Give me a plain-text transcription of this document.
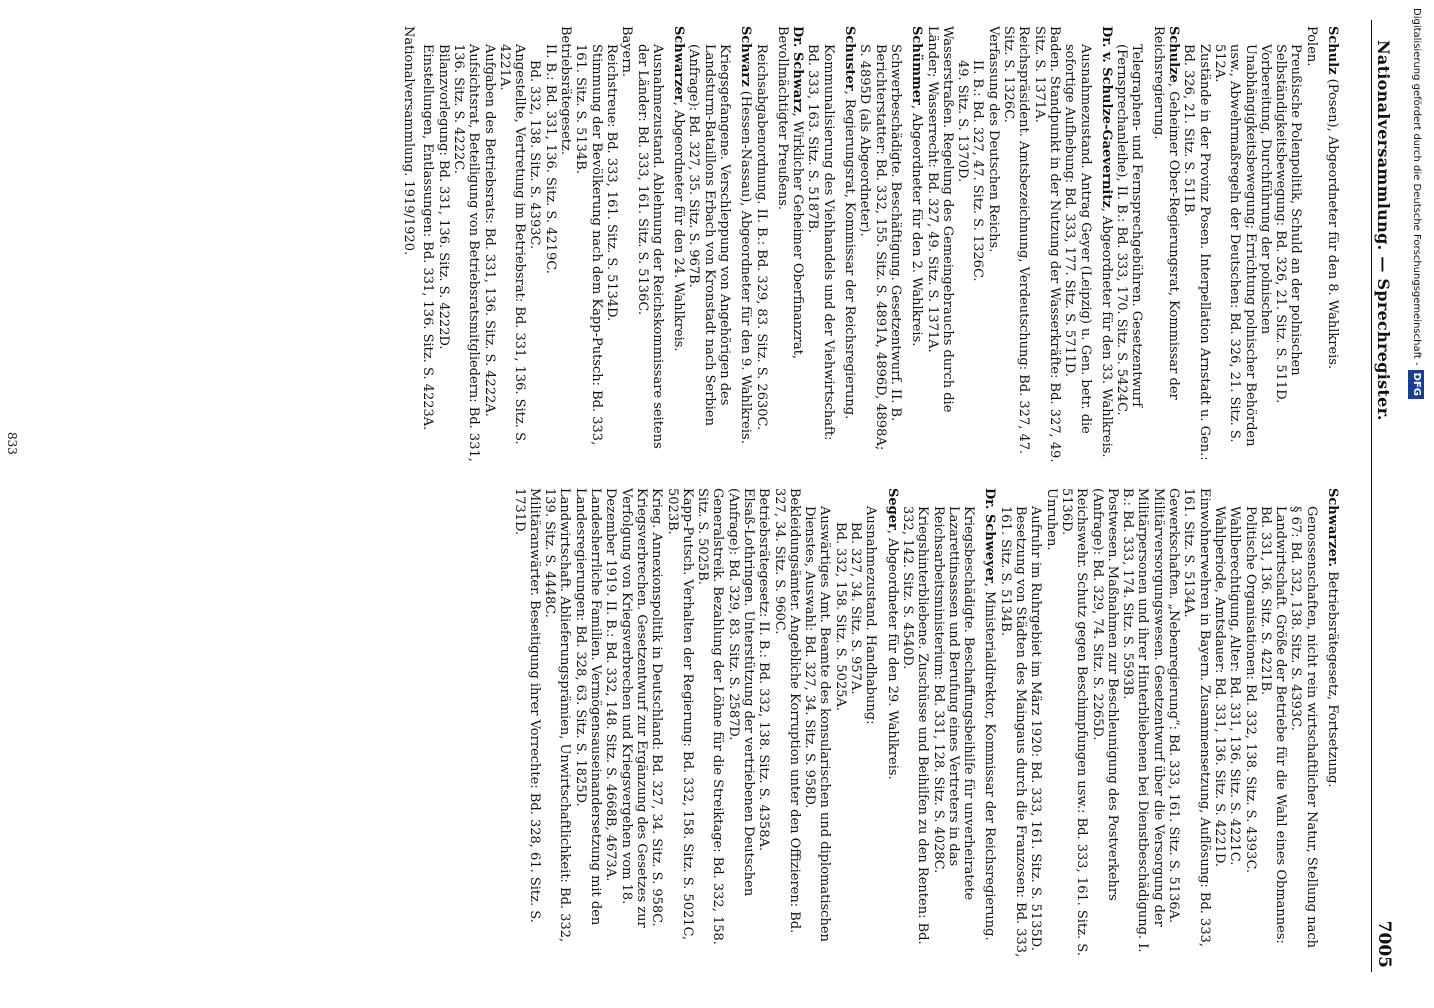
Nationalversammlung. — Sprechregister.
7005
Schulz (Posen), Abgeordneter für den 8. Wahlkreis.
Polen.
Preußische Polenpolitik, Schuld an der polnischen Selbständigkeitsbewegung: Bd. 326, 21. Sitz. S. 511D.
Vorbereitung, Durchführung der polnischen Unabhängigkeitsbewegung; Errichtung polnischer Behörden usw., Abwehrmaßregeln der Deutschen: Bd. 326, 21. Sitz. S. 512A.
Zustände in der Provinz Posen. Interpellation Arnstadt u. Gen.: Bd. 326, 21. Sitz. S. 511B.
Schulze, Geheimer Ober-Regierungsrat, Kommissar der Reichsregierung.
Telegraphen- und Fernsprechgebühren. Gesetzentwurf (Fernsprechanleihe), II. B.: Bd. 333, 170. Sitz. S. 5424C.
Dr. v. Schulze-Gaevernitz, Abgeordneter für den 33. Wahlkreis.
Ausnahmezustand. Antrag Geyer (Leipzig) u. Gen. betr. die sofortige Aufhebung: Bd. 333, 177. Sitz. S. 5711D.
Baden. Standpunkt in der Nutzung der Wasserkräfte: Bd. 327, 49. Sitz. S. 1371A.
Reichspräsident. Amtsbezeichnung, Verdeutschung: Bd. 327, 47. Sitz. S. 1326C.
Verfassung des Deutschen Reichs.
II. B.: Bd. 327, 47. Sitz. S. 1326C.
49. Sitz. S. 1370D.
Wasserstraßen. Regelung des Gemeingebrauchs durch die Länder; Wasserrecht: Bd. 327, 49. Sitz. S. 1371A.
Schümmer, Abgeordneter für den 2. Wahlkreis.
Schwerbeschädigte. Beschäftigung. Gesetzentwurf. II. B. Berichterstatter: Bd. 332, 155. Sitz. S. 4891A, 4896D, 4898A; S. 4895D (als Abgeordneter).
Schuster, Regierungsrat, Kommissar der Reichsregierung.
Kommunalisierung des Viehhandels und der Viehwirtschaft: Bd. 333, 163. Sitz. S. 5187B.
Dr. Schwarz, Wirklicher Geheimer Oberfinanzrat, Bevollmächtigter Preußens.
Reichsabgabenordnung. II. B.: Bd. 329, 83. Sitz. S. 2630C.
Schwarz (Hessen-Nassau), Abgeordneter für den 9. Wahlkreis.
Kriegsgefangene. Verschleppung von Angehörigen des Landsturm-Bataillons Erbach von Kronstadt nach Serbien (Anfrage): Bd. 327, 35. Sitz. S. 967B.
Schwarzer, Abgeordneter für den 24. Wahlkreis.
Ausnahmezustand. Ablehnung der Reichskommissare seitens der Länder: Bd. 333, 161. Sitz. S. 5136C.
Bayern.
Reichstreue: Bd. 333, 161. Sitz. S. 5134D.
Stimmung der Bevölkerung nach dem Kapp-Putsch: Bd. 333, 161. Sitz. S. 5134B.
Betriebsrätegesetz.
II. B.: Bd. 331, 136. Sitz. S. 4219C.
Bd. 332, 138. Sitz. S. 4393C.
Angestellte, Vertretung im Betriebsrat: Bd. 331, 136. Sitz. S. 4221A.
Aufgaben des Betriebsrats: Bd. 331, 136. Sitz. S. 4222A.
Aufsichtsrat, Beteiligung von Betriebsratsmitgliedern: Bd. 331, 136. Sitz. S. 4222C.
Bilanzvorlegung: Bd. 331, 136. Sitz. S. 4222D.
Einstellungen, Entlassungen: Bd. 331, 136. Sitz. S. 4223A.
Nationalversammlung. 1919/1920.
Schwarzer. Betriebsrätegesetz, Fortsetzung.
Genossenschaften, nicht rein wirtschaftlicher Natur, Stellung nach § 67: Bd. 332, 138. Sitz. S. 4393C.
Landwirtschaft. Größe der Betriebe für die Wahl eines Obmannes: Bd. 331, 136. Sitz. S. 4221B.
Politische Organisationen: Bd. 332, 138. Sitz. S. 4393C.
Wahlberechtigung, Alter: Bd. 331, 136. Sitz. S. 4221C.
Wahlperiode, Amtsdauer: Bd. 331, 136. Sitz. S. 4221D.
Einwohnerwehren in Bayern. Zusammensetzung, Auflösung: Bd. 333, 161. Sitz. S. 5134A.
Gewerkschaften. „Nebenregierung“: Bd. 333, 161. Sitz. S. 5136A.
Militärversorgungswesen. Gesetzentwurf über die Versorgung der Militärpersonen und ihrer Hinterbliebenen bei Dienstbeschädigung. I. B.: Bd. 333, 174. Sitz. S. 5593B.
Postwesen. Maßnahmen zur Beschleunigung des Postverkehrs (Anfrage): Bd. 329, 74. Sitz. S. 2265D.
Reichswehr. Schutz gegen Beschimpfungen usw.: Bd. 333, 161. Sitz. S. 5136D.
Unruhen.
Aufruhr im Ruhrgebiet im März 1920: Bd. 333, 161. Sitz. S. 5135D.
Besetzung von Städten des Maingaus durch die Franzosen: Bd. 333, 161. Sitz. S. 5134B.
Dr. Schweyer, Ministerialdirektor, Kommissar der Reichsregierung.
Kriegsbeschädigte. Beschaffungsbeihilfe für unverheiratete Lazarettinsassen und Berufung eines Vertreters in das Reichsarbeitsministerium: Bd. 331, 128. Sitz. S. 4028C.
Kriegshinterbliebene. Zuschüsse und Beihilfen zu den Renten: Bd. 332, 142. Sitz. S. 4540D.
Seger, Abgeordneter für den 29. Wahlkreis.
Ausnahmezustand. Handhabung:
Bd. 327, 34. Sitz. S. 957A.
Bd. 332, 158. Sitz. S. 5025A.
Auswärtiges Amt. Beamte des konsularischen und diplomatischen Dienstes, Auswahl: Bd. 327, 34. Sitz. S. 958D.
Bekleidungsämter. Angebliche Korruption unter den Offizieren: Bd. 327, 34. Sitz. S. 960C.
Betriebsrätegesetz: II. B.: Bd. 332, 138. Sitz. S. 4358A.
Elsaß-Lothringen. Unterstützung der vertriebenen Deutschen (Anfrage): Bd. 329, 83. Sitz. S. 2587D.
Generalstreik. Bezahlung der Löhne für die Streiktage: Bd. 332, 158. Sitz. S. 5025B.
Kapp-Putsch. Verhalten der Regierung: Bd. 332, 158. Sitz. S. 5021C, 5023B.
Krieg. Annexionspolitik in Deutschland: Bd. 327, 34. Sitz. S. 958C.
Kriegsverbrechen. Gesetzentwurf zur Ergänzung des Gesetzes zur Verfolgung von Kriegsverbrechen und Kriegsvergehen vom 18. Dezember 1919. II. B.: Bd. 332, 148. Sitz. S. 4668B, 4673A.
Landesherrliche Familien. Vermögensauseinandersetzung mit den Landesregierungen: Bd. 328, 63. Sitz. S. 1825D.
Landwirtschaft. Ablieferungsprämien, Unwirtschaftlichkeit: Bd. 332, 139. Sitz. S. 4448C.
Militäranwärter. Beseitigung ihrer Vorrechte: Bd. 328, 61. Sitz. S. 1731D.
833
Digitalisierung gefördert durch die Deutsche Forschungsgemeinschaft -DFG
